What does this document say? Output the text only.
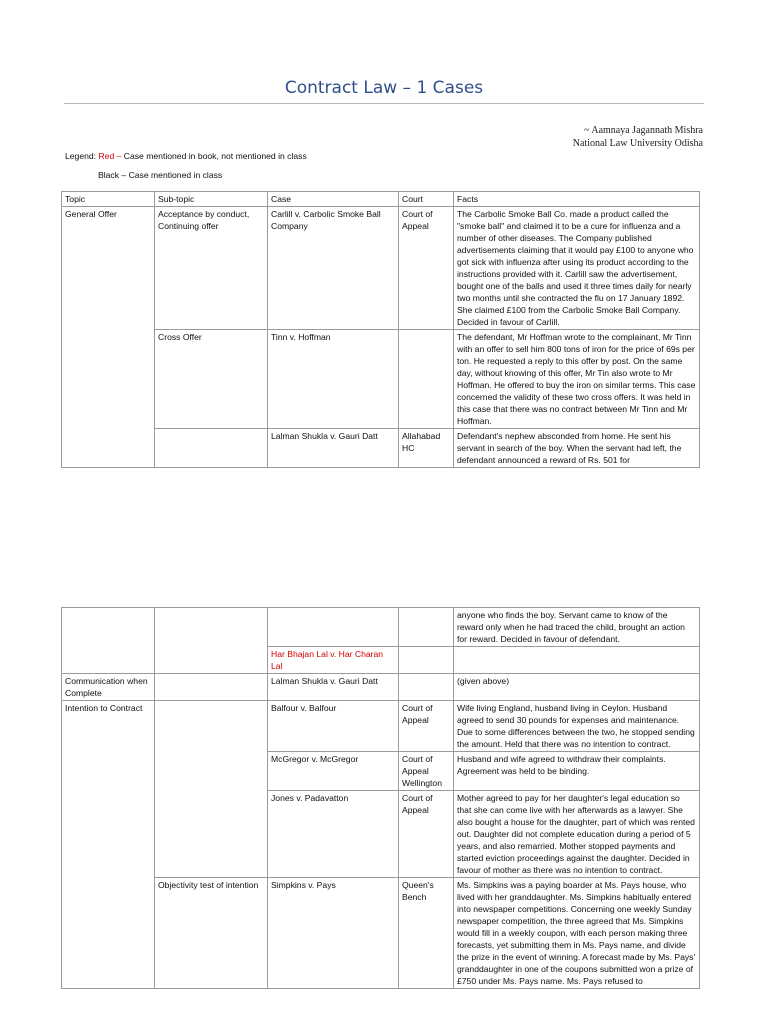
Contract Law – 1 Cases
~ Aamnaya Jagannath Mishra
National Law University Odisha
Legend: Red – Case mentioned in book, not mentioned in class
Black – Case mentioned in class
Topic	Sub-topic	Case	Court	Facts
General Offer	Acceptance by conduct, Continuing offer	Carlill v. Carbolic Smoke Ball Company	Court of Appeal	The Carbolic Smoke Ball Co. made a product called the "smoke ball" and claimed it to be a cure for influenza and a number of other diseases. The Company published advertisements claiming that it would pay £100 to anyone who got sick with influenza after using its product according to the instructions provided with it. Carlill saw the advertisement, bought one of the balls and used it three times daily for nearly two months until she contracted the flu on 17 January 1892. She claimed £100 from the Carbolic Smoke Ball Company. Decided in favour of Carlill.
	Cross Offer	Tinn v. Hoffman		The defendant, Mr Hoffman wrote to the complainant, Mr Tinn with an offer to sell him 800 tons of iron for the price of 69s per ton. He requested a reply to this offer by post. On the same day, without knowing of this offer, Mr Tin also wrote to Mr Hoffman. He offered to buy the iron on similar terms. This case concerned the validity of these two cross offers. It was held in this case that there was no contract between Mr Tinn and Mr Hoffman.
		Lalman Shukla v. Gauri Datt	Allahabad HC	Defendant's nephew absconded from home. He sent his servant in search of the boy. When the servant had left, the defendant announced a reward of Rs. 501 for
				anyone who finds the boy. Servant came to know of the reward only when he had traced the child, brought an action for reward. Decided in favour of defendant.
		Har Bhajan Lal v. Har Charan Lal		
Communication when Complete		Lalman Shukla v. Gauri Datt		(given above)
Intention to Contract		Balfour v. Balfour	Court of Appeal	Wife living England, husband living in Ceylon. Husband agreed to send 30 pounds for expenses and maintenance. Due to some differences between the two, he stopped sending the amount. Held that there was no intention to contract.
		McGregor v. McGregor	Court of Appeal Wellington	Husband and wife agreed to withdraw their complaints. Agreement was held to be binding.
		Jones v. Padavatton	Court of Appeal	Mother agreed to pay for her daughter's legal education so that she can come live with her afterwards as a lawyer. She also bought a house for the daughter, part of which was rented out. Daughter did not complete education during a period of 5 years, and also remarried. Mother stopped payments and started eviction proceedings against the daughter. Decided in favour of mother as there was no intention to contract.
	Objectivity test of intention	Simpkins v. Pays	Queen's Bench	Ms. Simpkins was a paying boarder at Ms. Pays house, who lived with her granddaughter. Ms. Simpkins habitually entered into newspaper competitions. Concerning one weekly Sunday newspaper competition, the three agreed that Ms. Simpkins would fill in a weekly coupon, with each person making three forecasts, yet submitting them in Ms. Pays name, and divide the prize in the event of winning. A forecast made by Ms. Pays' granddaughter in one of the coupons submitted won a prize of £750 under Ms. Pays name. Ms. Pays refused to
